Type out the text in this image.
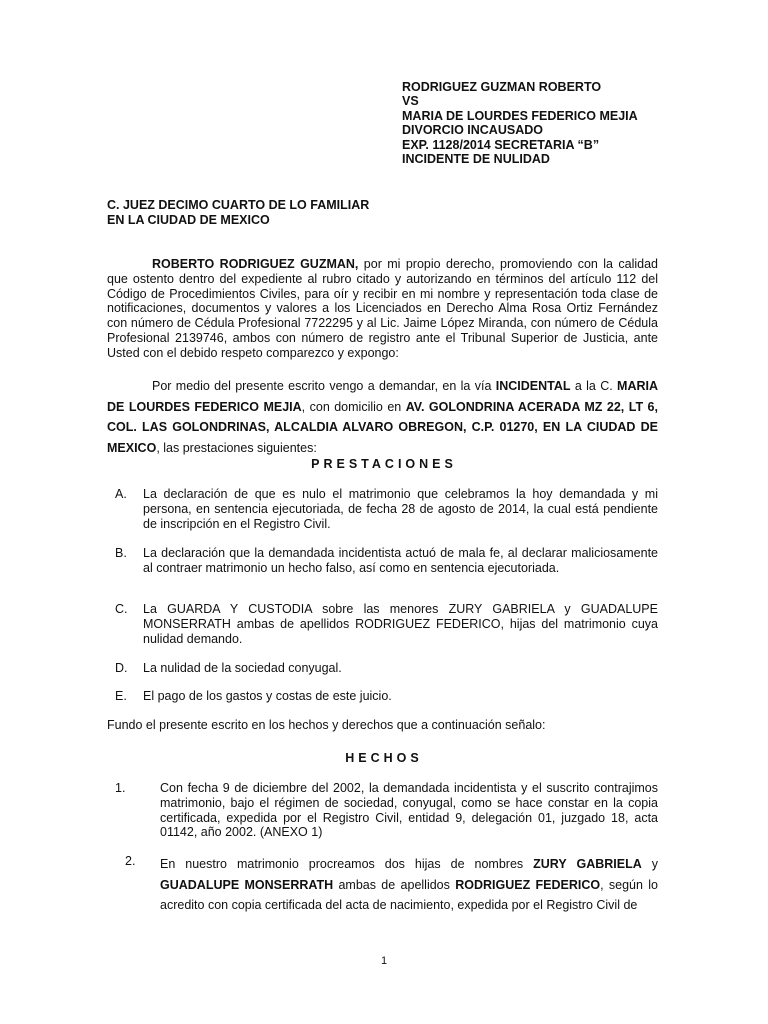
RODRIGUEZ GUZMAN ROBERTO
VS
MARIA DE LOURDES FEDERICO MEJIA
DIVORCIO INCAUSADO
EXP. 1128/2014 SECRETARIA “B”
INCIDENTE DE NULIDAD
C. JUEZ DECIMO CUARTO DE LO FAMILIAR
EN LA CIUDAD DE MEXICO
ROBERTO RODRIGUEZ GUZMAN, por mi propio derecho, promoviendo con la calidad que ostento dentro del expediente al rubro citado y autorizando en términos del artículo 112 del Código de Procedimientos Civiles, para oír y recibir en mi nombre y representación toda clase de notificaciones, documentos y valores a los Licenciados en Derecho Alma Rosa Ortiz Fernández con número de Cédula Profesional 7722295 y al Lic. Jaime López Miranda, con número de Cédula Profesional 2139746, ambos con número de registro ante el Tribunal Superior de Justicia, ante Usted con el debido respeto comparezco y expongo:
Por medio del presente escrito vengo a demandar, en la vía INCIDENTAL a la C. MARIA DE LOURDES FEDERICO MEJIA, con domicilio en AV. GOLONDRINA ACERADA MZ 22, LT 6, COL. LAS GOLONDRINAS, ALCALDIA ALVARO OBREGON, C.P. 01270, EN LA CIUDAD DE MEXICO, las prestaciones siguientes:
PRESTACIONES
A. La declaración de que es nulo el matrimonio que celebramos la hoy demandada y mi persona, en sentencia ejecutoriada, de fecha 28 de agosto de 2014, la cual está pendiente de inscripción en el Registro Civil.
B. La declaración que la demandada incidentista actuó de mala fe, al declarar maliciosamente al contraer matrimonio un hecho falso, así como en sentencia ejecutoriada.
C. La GUARDA Y CUSTODIA sobre las menores ZURY GABRIELA y GUADALUPE MONSERRATH ambas de apellidos RODRIGUEZ FEDERICO, hijas del matrimonio cuya nulidad demando.
D. La nulidad de la sociedad conyugal.
E. El pago de los gastos y costas de este juicio.
Fundo el presente escrito en los hechos y derechos que a continuación señalo:
HECHOS
1.	Con fecha 9 de diciembre del 2002, la demandada incidentista y el suscrito contrajimos matrimonio, bajo el régimen de sociedad, conyugal, como se hace constar en la copia certificada, expedida por el Registro Civil, entidad 9, delegación 01, juzgado 18, acta 01142, año 2002. (ANEXO 1)
2. En nuestro matrimonio procreamos dos hijas de nombres ZURY GABRIELA y GUADALUPE MONSERRATH ambas de apellidos RODRIGUEZ FEDERICO, según lo acredito con copia certificada del acta de nacimiento, expedida por el Registro Civil de
1
